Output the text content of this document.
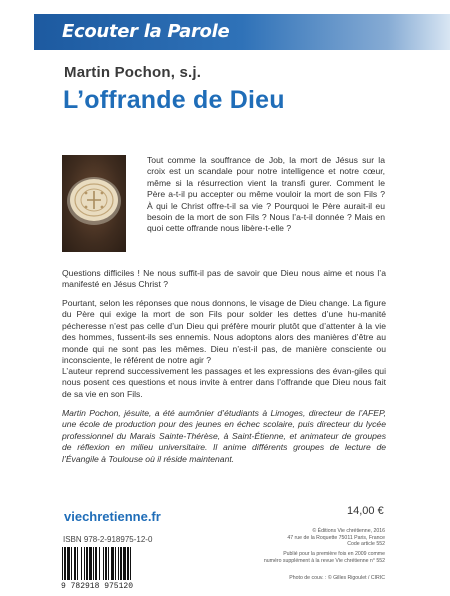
Ecouter la Parole
Martin Pochon, s.j.
L’offrande de Dieu

Tout comme la souffrance de Job, la mort de Jésus sur la croix est un scandale pour notre intelligence et notre cœur, même si la résurrection vient la transfi gurer. Comment le Père a-t-il pu accepter ou même vouloir la mort de son Fils ? À qui le Christ offre-t-il sa vie ? Pourquoi le Père aurait-il eu besoin de la mort de son Fils ? Nous l’a-t-il donnée ? Mais en quoi cette offrande nous libère-t-elle ?

Questions difficiles ! Ne nous suffit-il pas de savoir que Dieu nous aime et nous l’a manifesté en Jésus Christ ?

Pourtant, selon les réponses que nous donnons, le visage de Dieu change. La figure du Père qui exige la mort de son Fils pour solder les dettes d’une hu-manité pécheresse n’est pas celle d’un Dieu qui préfère mourir plutôt que d’attenter à la vie des hommes, fussent-ils ses ennemis. Nous adoptons alors des manières d’être au monde qui ne sont pas les mêmes. Dieu n’est-il pas, de manière consciente ou inconsciente, le référent de notre agir ?

L’auteur reprend successivement les passages et les expressions des évan-giles qui nous posent ces questions et nous invite à entrer dans l’offrande que Dieu nous fait de sa vie en son Fils.

Martin Pochon, jésuite, a été aumônier d’étudiants à Limoges, directeur de l’AFEP, une école de production pour des jeunes en échec scolaire, puis directeur du lycée professionnel du Marais Sainte-Thérèse, à Saint-Étienne, et animateur de groupes de réflexion en milieu universitaire. Il anime différents groupes de lecture de l’Évangile à Toulouse où il réside maintenant.

viechretienne.fr
ISBN 978-2-918975-12-0
9 782918 975120
14,00 €

© Éditions Vie chrétienne, 2016

47 rue de la Roquette 75011 Paris, France

Code article 552

Publié pour la première fois en 2009 comme

numéro supplément à la revue Vie chrétienne n° 552

Photo de couv. : © Gilles Rigoulet / CIRIC
